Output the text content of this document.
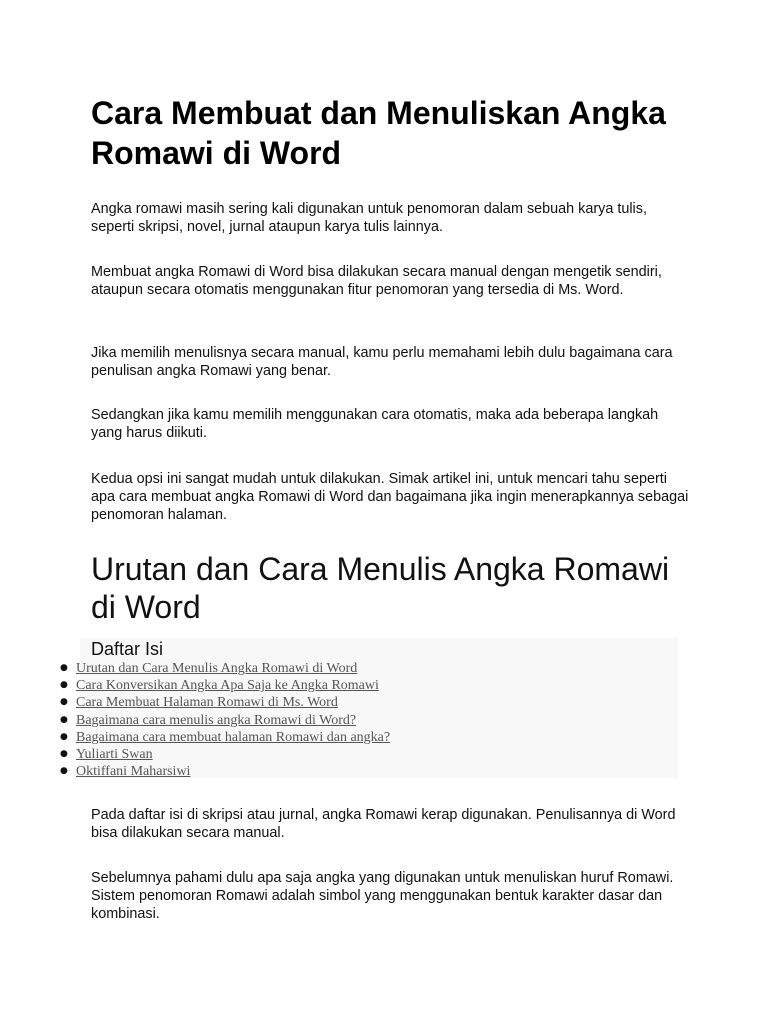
Cara Membuat dan Menuliskan Angka Romawi di Word

Angka romawi masih sering kali digunakan untuk penomoran dalam sebuah karya tulis, seperti skripsi, novel, jurnal ataupun karya tulis lainnya.

Membuat angka Romawi di Word bisa dilakukan secara manual dengan mengetik sendiri, ataupun secara otomatis menggunakan fitur penomoran yang tersedia di Ms. Word.

Jika memilih menulisnya secara manual, kamu perlu memahami lebih dulu bagaimana cara penulisan angka Romawi yang benar.

Sedangkan jika kamu memilih menggunakan cara otomatis, maka ada beberapa langkah yang harus diikuti.

Kedua opsi ini sangat mudah untuk dilakukan. Simak artikel ini, untuk mencari tahu seperti apa cara membuat angka Romawi di Word dan bagaimana jika ingin menerapkannya sebagai penomoran halaman.

Urutan dan Cara Menulis Angka Romawi di Word
Daftar Isi
● Urutan dan Cara Menulis Angka Romawi di Word
● Cara Konversikan Angka Apa Saja ke Angka Romawi
● Cara Membuat Halaman Romawi di Ms. Word
● Bagaimana cara menulis angka Romawi di Word?
● Bagaimana cara membuat halaman Romawi dan angka?
● Yuliarti Swan
● Oktiffani Maharsiwi

Pada daftar isi di skripsi atau jurnal, angka Romawi kerap digunakan. Penulisannya di Word bisa dilakukan secara manual.

Sebelumnya pahami dulu apa saja angka yang digunakan untuk menuliskan huruf Romawi. Sistem penomoran Romawi adalah simbol yang menggunakan bentuk karakter dasar dan kombinasi.
